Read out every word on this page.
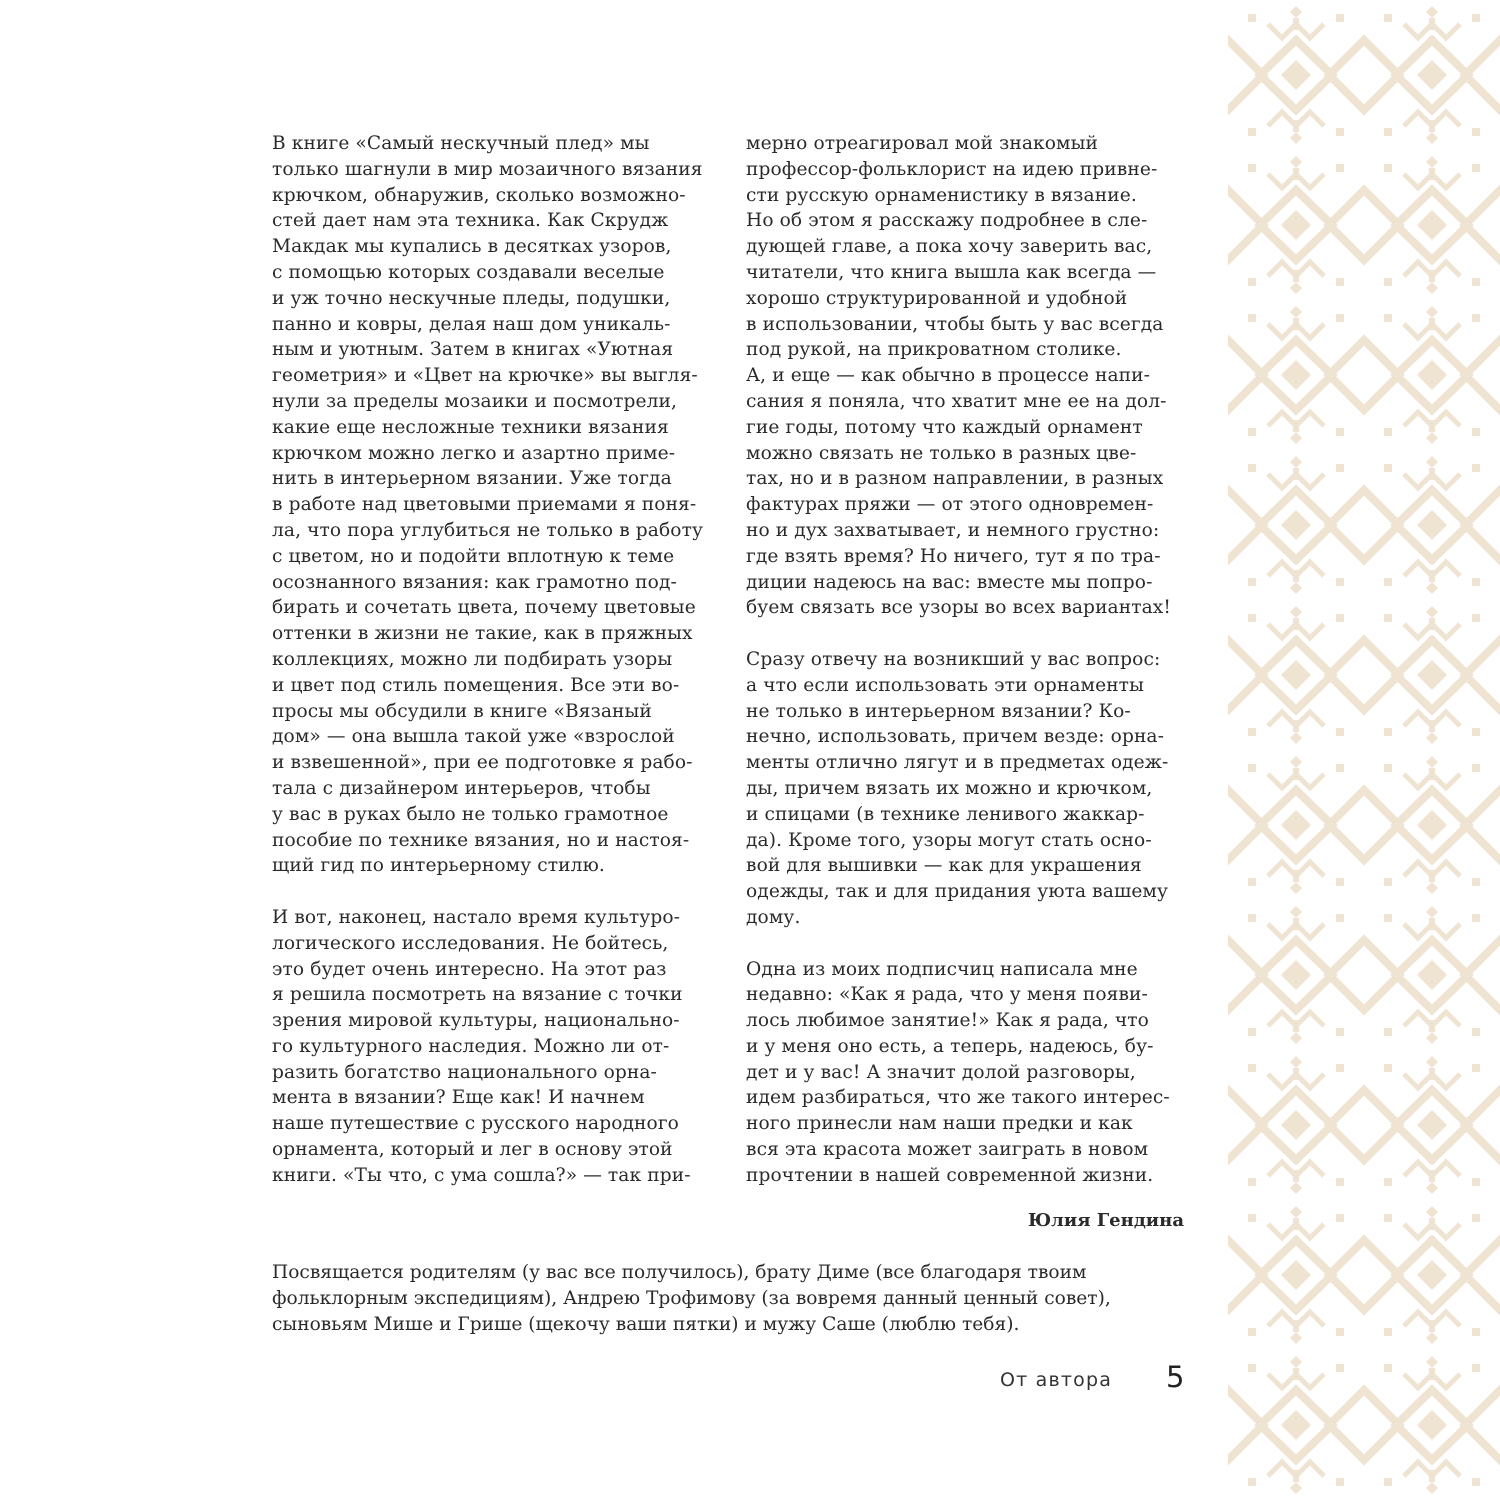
В книге «Самый нескучный плед» мы
только шагнули в мир мозаичного вязания
крючком, обнаружив, сколько возможно-
стей дает нам эта техника. Как Скрудж
Макдак мы купались в десятках узоров,
с помощью которых создавали веселые
и уж точно нескучные пледы, подушки,
панно и ковры, делая наш дом уникаль-
ным и уютным. Затем в книгах «Уютная
геометрия» и «Цвет на крючке» вы выгля-
нули за пределы мозаики и посмотрели,
какие еще несложные техники вязания
крючком можно легко и азартно приме-
нить в интерьерном вязании. Уже тогда
в работе над цветовыми приемами я поня-
ла, что пора углубиться не только в работу
с цветом, но и подойти вплотную к теме
осознанного вязания: как грамотно под-
бирать и сочетать цвета, почему цветовые
оттенки в жизни не такие, как в пряжных
коллекциях, можно ли подбирать узоры
и цвет под стиль помещения. Все эти во-
просы мы обсудили в книге «Вязаный
дом» — она вышла такой уже «взрослой
и взвешенной», при ее подготовке я рабо-
тала с дизайнером интерьеров, чтобы
у вас в руках было не только грамотное
пособие по технике вязания, но и настоя-
щий гид по интерьерному стилю.
И вот, наконец, настало время культуро-
логического исследования. Не бойтесь,
это будет очень интересно. На этот раз
я решила посмотреть на вязание с точки
зрения мировой культуры, национально-
го культурного наследия. Можно ли от-
разить богатство национального орна-
мента в вязании? Еще как! И начнем
наше путешествие с русского народного
орнамента, который и лег в основу этой
книги. «Ты что, с ума сошла?» — так при-
мерно отреагировал мой знакомый
профессор-фольклорист на идею привне-
сти русскую орнаменистику в вязание.
Но об этом я расскажу подробнее в сле-
дующей главе, а пока хочу заверить вас,
читатели, что книга вышла как всегда —
хорошо структурированной и удобной
в использовании, чтобы быть у вас всегда
под рукой, на прикроватном столике.
А, и еще — как обычно в процессе напи-
сания я поняла, что хватит мне ее на дол-
гие годы, потому что каждый орнамент
можно связать не только в разных цве-
тах, но и в разном направлении, в разных
фактурах пряжи — от этого одновремен-
но и дух захватывает, и немного грустно:
где взять время? Но ничего, тут я по тра-
диции надеюсь на вас: вместе мы попро-
буем связать все узоры во всех вариантах!
Сразу отвечу на возникший у вас вопрос:
а что если использовать эти орнаменты
не только в интерьерном вязании? Ко-
нечно, использовать, причем везде: орна-
менты отлично лягут и в предметах одеж-
ды, причем вязать их можно и крючком,
и спицами (в технике ленивого жаккар-
да). Кроме того, узоры могут стать осно-
вой для вышивки — как для украшения
одежды, так и для придания уюта вашему
дому.
Одна из моих подписчиц написала мне
недавно: «Как я рада, что у меня появи-
лось любимое занятие!» Как я рада, что
и у меня оно есть, а теперь, надеюсь, бу-
дет и у вас! А значит долой разговоры,
идем разбираться, что же такого интерес-
ного принесли нам наши предки и как
вся эта красота может заиграть в новом
прочтении в нашей современной жизни.
Юлия Гендина
Посвящается родителям (у вас все получилось), брату Диме (все благодаря твоим
фольклорным экспедициям), Андрею Трофимову (за вовремя данный ценный совет),
сыновьям Мише и Грише (щекочу ваши пятки) и мужу Саше (люблю тебя).
От автора 5
